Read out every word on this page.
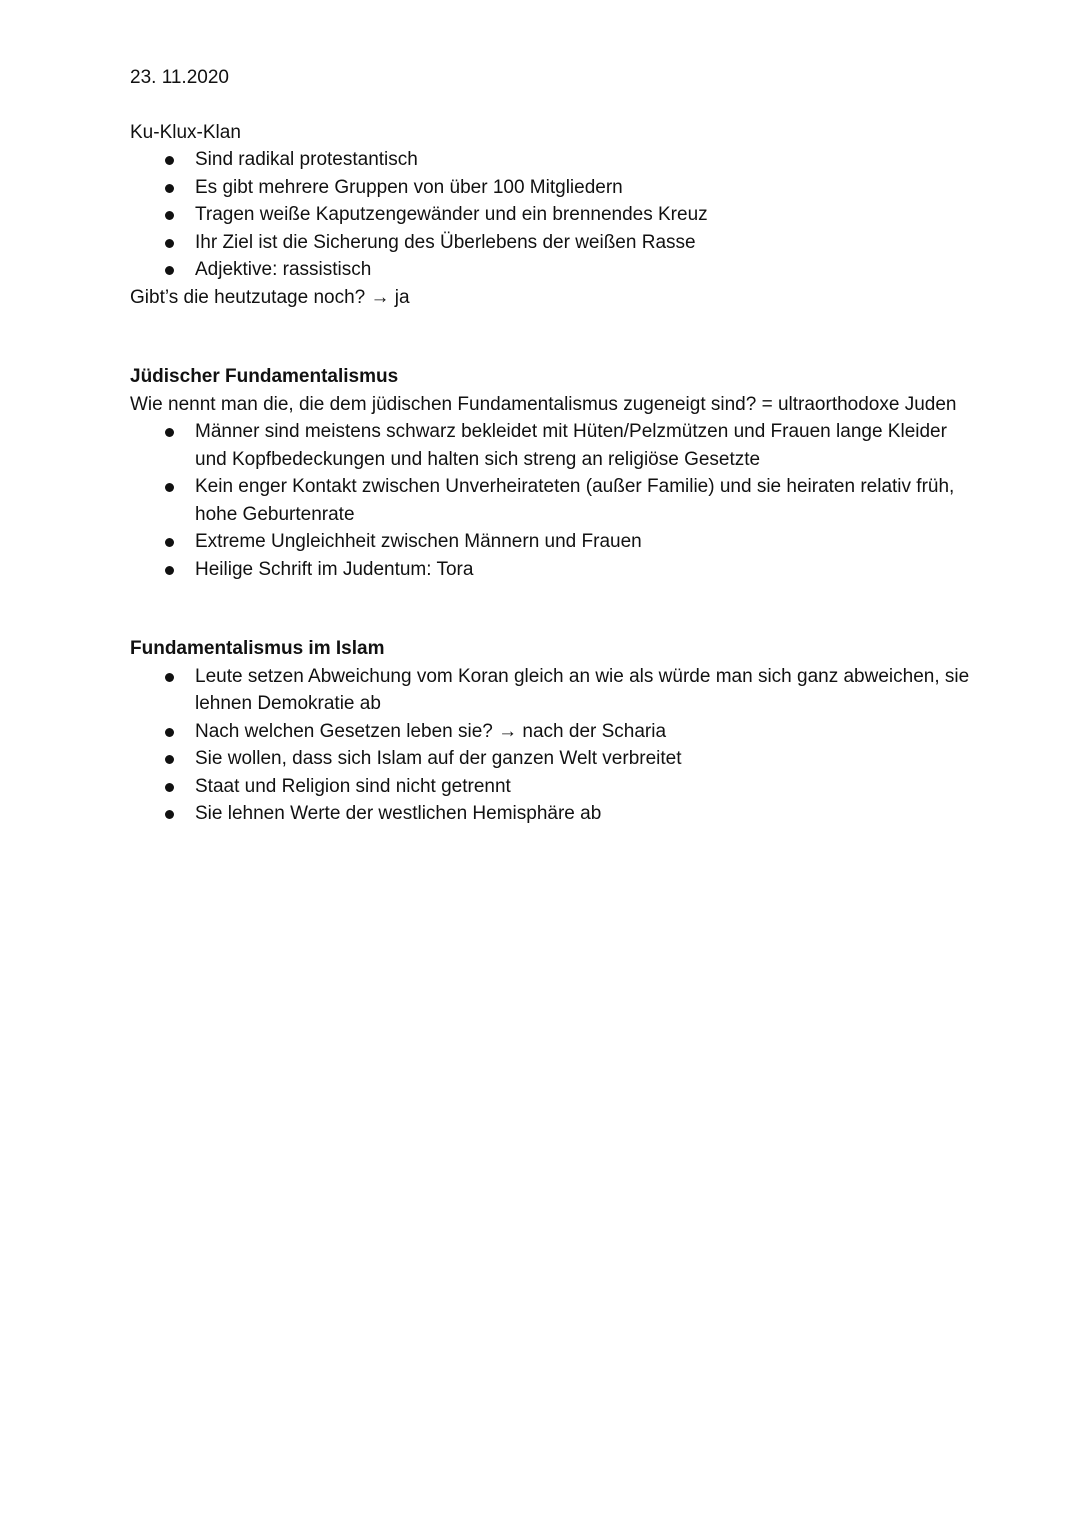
23. 11.2020

Ku-Klux-Klan

Sind radikal protestantisch
Es gibt mehrere Gruppen von über 100 Mitgliedern
Tragen weiße Kaputzengewänder und ein brennendes Kreuz
Ihr Ziel ist die Sicherung des Überlebens der weißen Rasse
Adjektive: rassistisch

Gibt’s die heutzutage noch? → ja

Jüdischer Fundamentalismus

Wie nennt man die, die dem jüdischen Fundamentalismus zugeneigt sind? = ultraorthodoxe Juden

Männer sind meistens schwarz bekleidet mit Hüten/Pelzmützen und Frauen lange Kleider und Kopfbedeckungen und halten sich streng an religiöse Gesetzte
Kein enger Kontakt zwischen Unverheirateten (außer Familie) und sie heiraten relativ früh, hohe Geburtenrate
Extreme Ungleichheit zwischen Männern und Frauen
Heilige Schrift im Judentum: Tora

Fundamentalismus im Islam

Leute setzen Abweichung vom Koran gleich an wie als würde man sich ganz abweichen, sie lehnen Demokratie ab
Nach welchen Gesetzen leben sie? → nach der Scharia
Sie wollen, dass sich Islam auf der ganzen Welt verbreitet
Staat und Religion sind nicht getrennt
Sie lehnen Werte der westlichen Hemisphäre ab
